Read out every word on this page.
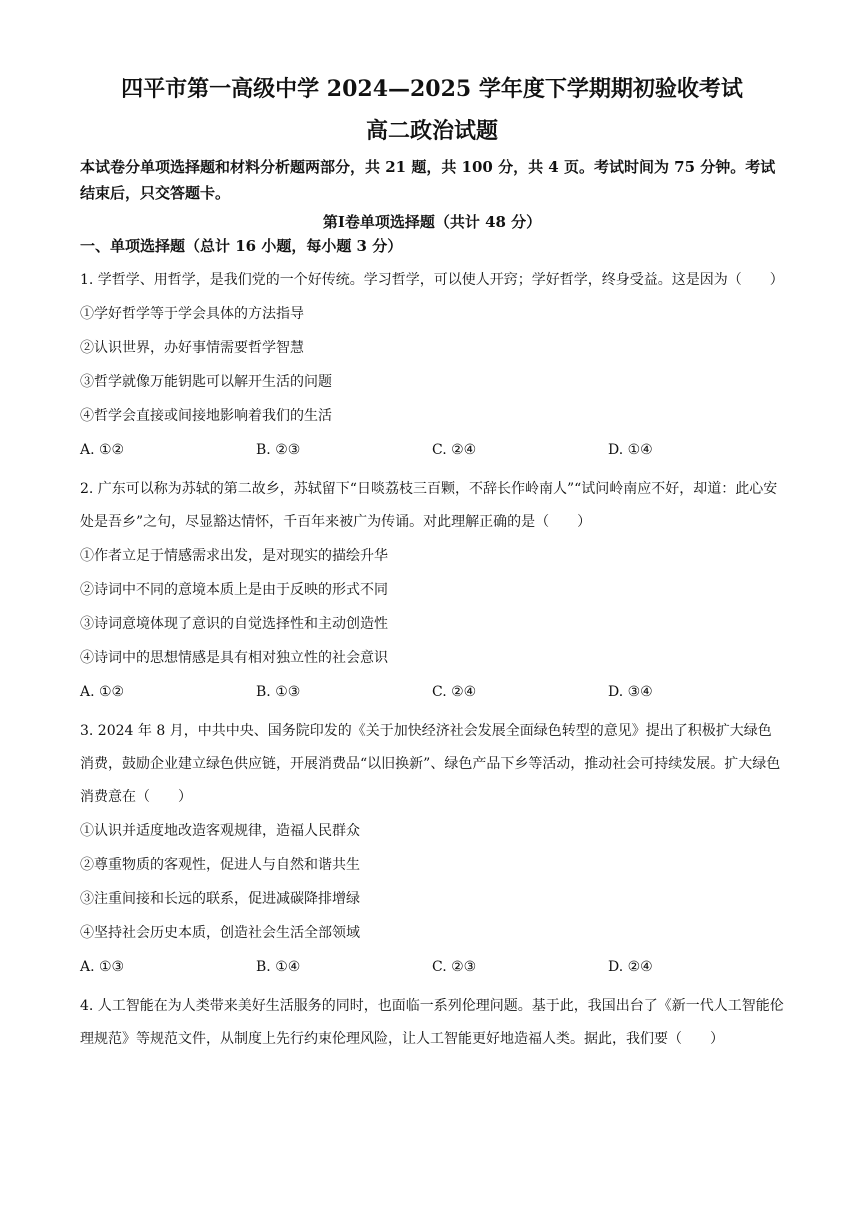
四平市第一高级中学 2024—2025 学年度下学期期初验收考试
高二政治试题

本试卷分单项选择题和材料分析题两部分，共 21 题，共 100 分，共 4 页。考试时间为 75 分钟。考试结束后，只交答题卡。

第Ⅰ卷单项选择题（共计 48 分）

一、单项选择题（总计 16 小题，每小题 3 分）

1. 学哲学、用哲学，是我们党的一个好传统。学习哲学，可以使人开窍；学好哲学，终身受益。这是因为（　　）

①学好哲学等于学会具体的方法指导

②认识世界，办好事情需要哲学智慧

③哲学就像万能钥匙可以解开生活的问题

④哲学会直接或间接地影响着我们的生活

A. ①②	B. ②③	C. ②④	D. ①④

2. 广东可以称为苏轼的第二故乡，苏轼留下“日啖荔枝三百颗，不辞长作岭南人”“试问岭南应不好，却道：此心安处是吾乡”之句，尽显豁达情怀，千百年来被广为传诵。对此理解正确的是（　　）

①作者立足于情感需求出发，是对现实的描绘升华

②诗词中不同的意境本质上是由于反映的形式不同

③诗词意境体现了意识的自觉选择性和主动创造性

④诗词中的思想情感是具有相对独立性的社会意识

A. ①②	B. ①③	C. ②④	D. ③④

3. 2024 年 8 月，中共中央、国务院印发的《关于加快经济社会发展全面绿色转型的意见》提出了积极扩大绿色消费，鼓励企业建立绿色供应链，开展消费品“以旧换新”、绿色产品下乡等活动，推动社会可持续发展。扩大绿色消费意在（　　）

①认识并适度地改造客观规律，造福人民群众

②尊重物质的客观性，促进人与自然和谐共生

③注重间接和长远的联系，促进减碳降排增绿

④坚持社会历史本质，创造社会生活全部领域

A. ①③	B. ①④	C. ②③	D. ②④

4. 人工智能在为人类带来美好生活服务的同时，也面临一系列伦理问题。基于此，我国出台了《新一代人工智能伦理规范》等规范文件，从制度上先行约束伦理风险，让人工智能更好地造福人类。据此，我们要（　　）
